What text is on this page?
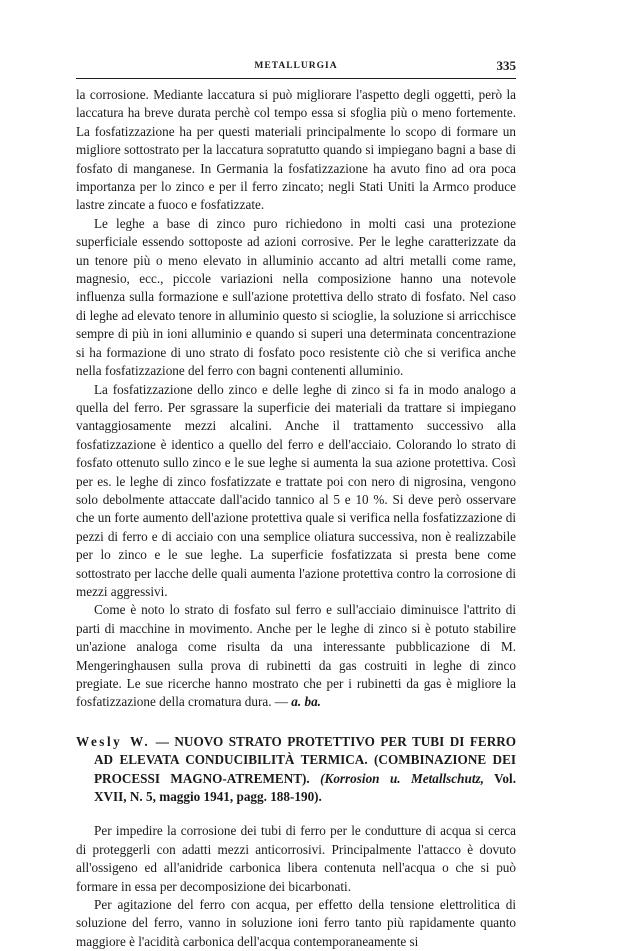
METALLURGIA	335

la corrosione. Mediante laccatura si può migliorare l'aspetto degli oggetti, però la laccatura ha breve durata perchè col tempo essa si sfoglia più o meno fortemente. La fosfatizzazione ha per questi materiali principalmente lo scopo di formare un migliore sottostrato per la laccatura sopratutto quando si impiegano bagni a base di fosfato di manganese. In Germania la fosfatizzazione ha avuto fino ad ora poca importanza per lo zinco e per il ferro zincato; negli Stati Uniti la Armco produce lastre zincate a fuoco e fosfatizzate.

Le leghe a base di zinco puro richiedono in molti casi una protezione superficiale essendo sottoposte ad azioni corrosive. Per le leghe caratterizzate da un tenore più o meno elevato in alluminio accanto ad altri metalli come rame, magnesio, ecc., piccole variazioni nella composizione hanno una notevole influenza sulla formazione e sull'azione protettiva dello strato di fosfato. Nel caso di leghe ad elevato tenore in alluminio questo si scioglie, la soluzione si arricchisce sempre di più in ioni alluminio e quando si superi una determinata concentrazione si ha formazione di uno strato di fosfato poco resistente ciò che si verifica anche nella fosfatizzazione del ferro con bagni contenenti alluminio.

La fosfatizzazione dello zinco e delle leghe di zinco si fa in modo analogo a quella del ferro. Per sgrassare la superficie dei materiali da trattare si impiegano vantaggiosamente mezzi alcalini. Anche il trattamento successivo alla fosfatizzazione è identico a quello del ferro e dell'acciaio. Colorando lo strato di fosfato ottenuto sullo zinco e le sue leghe si aumenta la sua azione protettiva. Così per es. le leghe di zinco fosfatizzate e trattate poi con nero di nigrosina, vengono solo debolmente attaccate dall'acido tannico al 5 e 10 %. Si deve però osservare che un forte aumento dell'azione protettiva quale si verifica nella fosfatizzazione di pezzi di ferro e di acciaio con una semplice oliatura successiva, non è realizzabile per lo zinco e le sue leghe. La superficie fosfatizzata si presta bene come sottostrato per lacche delle quali aumenta l'azione protettiva contro la corrosione di mezzi aggressivi.

Come è noto lo strato di fosfato sul ferro e sull'acciaio diminuisce l'attrito di parti di macchine in movimento. Anche per le leghe di zinco si è potuto stabilire un'azione analoga come risulta da una interessante pubblicazione di M. Mengeringhausen sulla prova di rubinetti da gas costruiti in leghe di zinco pregiate. Le sue ricerche hanno mostrato che per i rubinetti da gas è migliore la fosfatizzazione della cromatura dura. — a. ba.

Wesly W. — NUOVO STRATO PROTETTIVO PER TUBI DI FERRO AD ELEVATA CONDUCIBILITÀ TERMICA. (COMBINAZIONE DEI PROCESSI MAGNO-ATREMENT). (Korrosion u. Metallschutz, Vol. XVII, N. 5, maggio 1941, pagg. 188-190).

Per impedire la corrosione dei tubi di ferro per le condutture di acqua si cerca di proteggerli con adatti mezzi anticorrosivi. Principalmente l'attacco è dovuto all'ossigeno ed all'anidride carbonica libera contenuta nell'acqua o che si può formare in essa per decomposizione dei bicarbonati.

Per agitazione del ferro con acqua, per effetto della tensione elettrolitica di soluzione del ferro, vanno in soluzione ioni ferro tanto più rapidamente quanto maggiore è l'acidità carbonica dell'acqua contemporaneamente si
